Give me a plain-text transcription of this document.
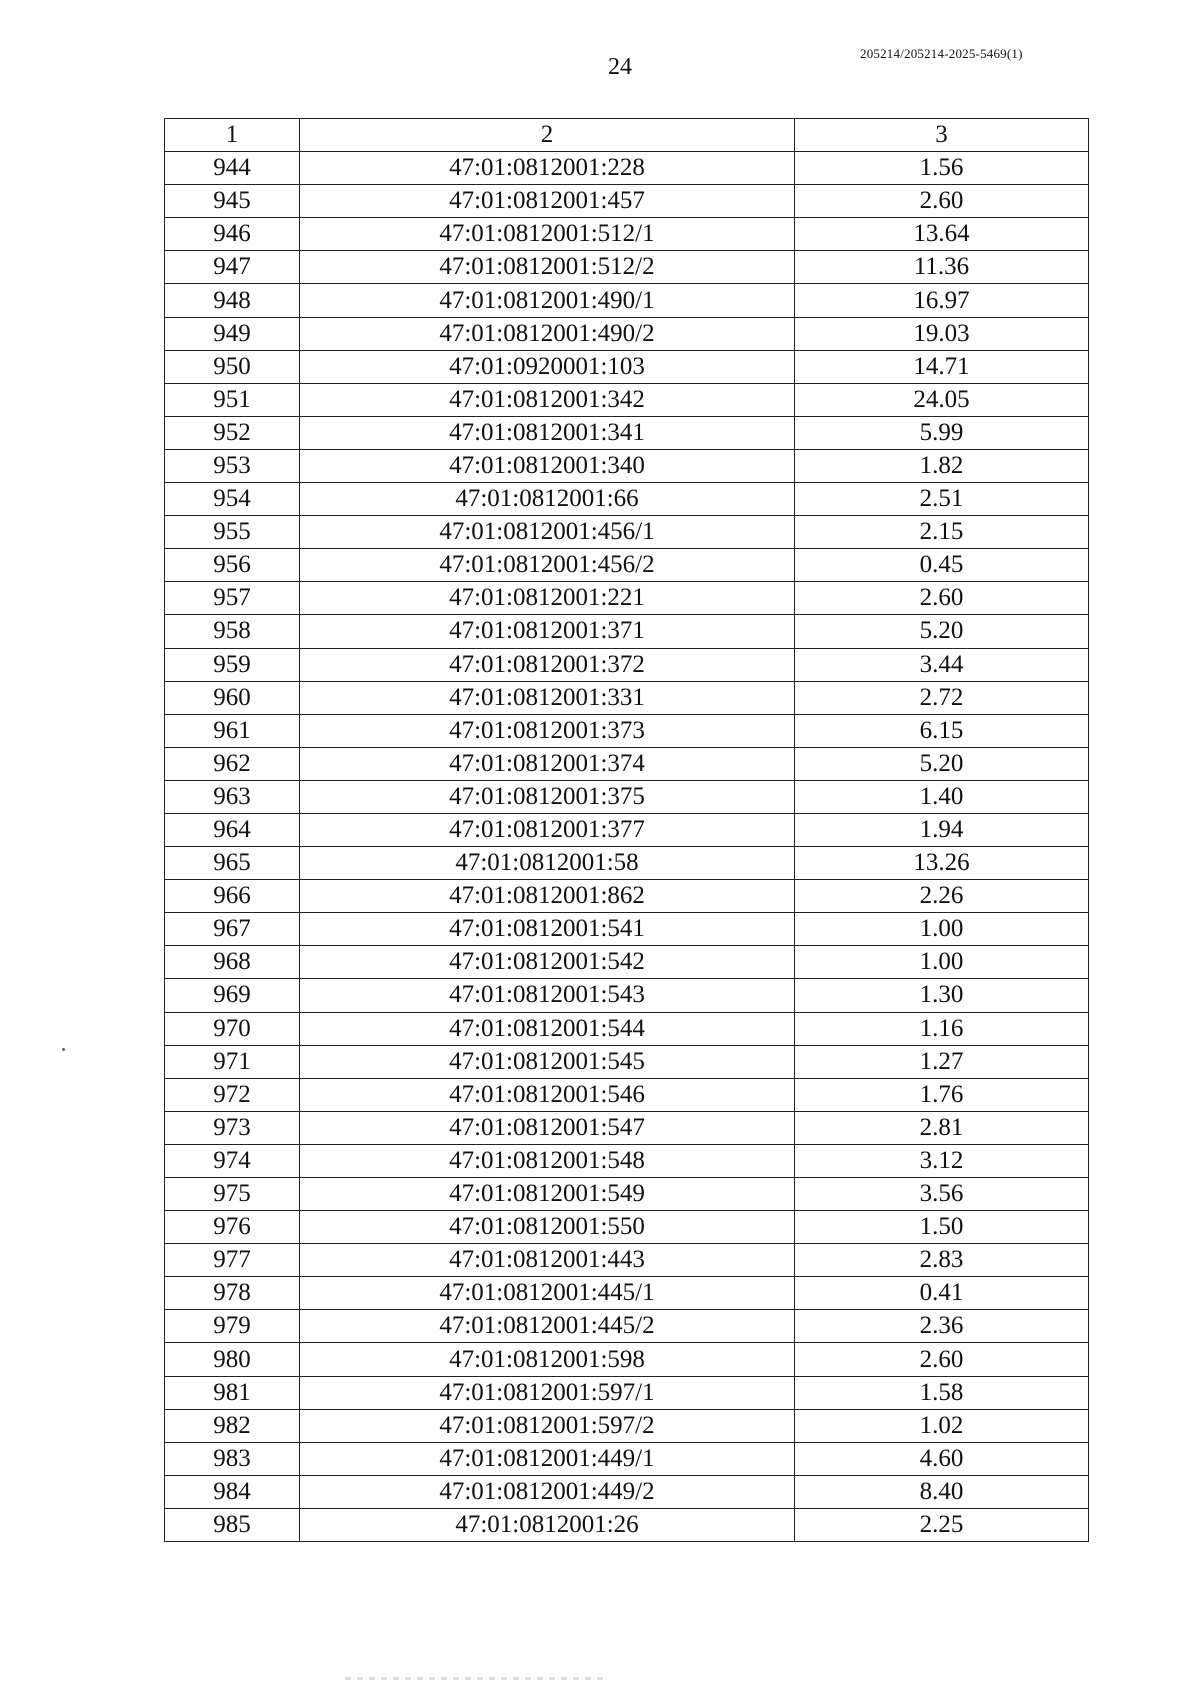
24
205214/205214-2025-5469(1)
1	2	3
944	47:01:0812001:228	1.56
945	47:01:0812001:457	2.60
946	47:01:0812001:512/1	13.64
947	47:01:0812001:512/2	11.36
948	47:01:0812001:490/1	16.97
949	47:01:0812001:490/2	19.03
950	47:01:0920001:103	14.71
951	47:01:0812001:342	24.05
952	47:01:0812001:341	5.99
953	47:01:0812001:340	1.82
954	47:01:0812001:66	2.51
955	47:01:0812001:456/1	2.15
956	47:01:0812001:456/2	0.45
957	47:01:0812001:221	2.60
958	47:01:0812001:371	5.20
959	47:01:0812001:372	3.44
960	47:01:0812001:331	2.72
961	47:01:0812001:373	6.15
962	47:01:0812001:374	5.20
963	47:01:0812001:375	1.40
964	47:01:0812001:377	1.94
965	47:01:0812001:58	13.26
966	47:01:0812001:862	2.26
967	47:01:0812001:541	1.00
968	47:01:0812001:542	1.00
969	47:01:0812001:543	1.30
970	47:01:0812001:544	1.16
971	47:01:0812001:545	1.27
972	47:01:0812001:546	1.76
973	47:01:0812001:547	2.81
974	47:01:0812001:548	3.12
975	47:01:0812001:549	3.56
976	47:01:0812001:550	1.50
977	47:01:0812001:443	2.83
978	47:01:0812001:445/1	0.41
979	47:01:0812001:445/2	2.36
980	47:01:0812001:598	2.60
981	47:01:0812001:597/1	1.58
982	47:01:0812001:597/2	1.02
983	47:01:0812001:449/1	4.60
984	47:01:0812001:449/2	8.40
985	47:01:0812001:26	2.25
